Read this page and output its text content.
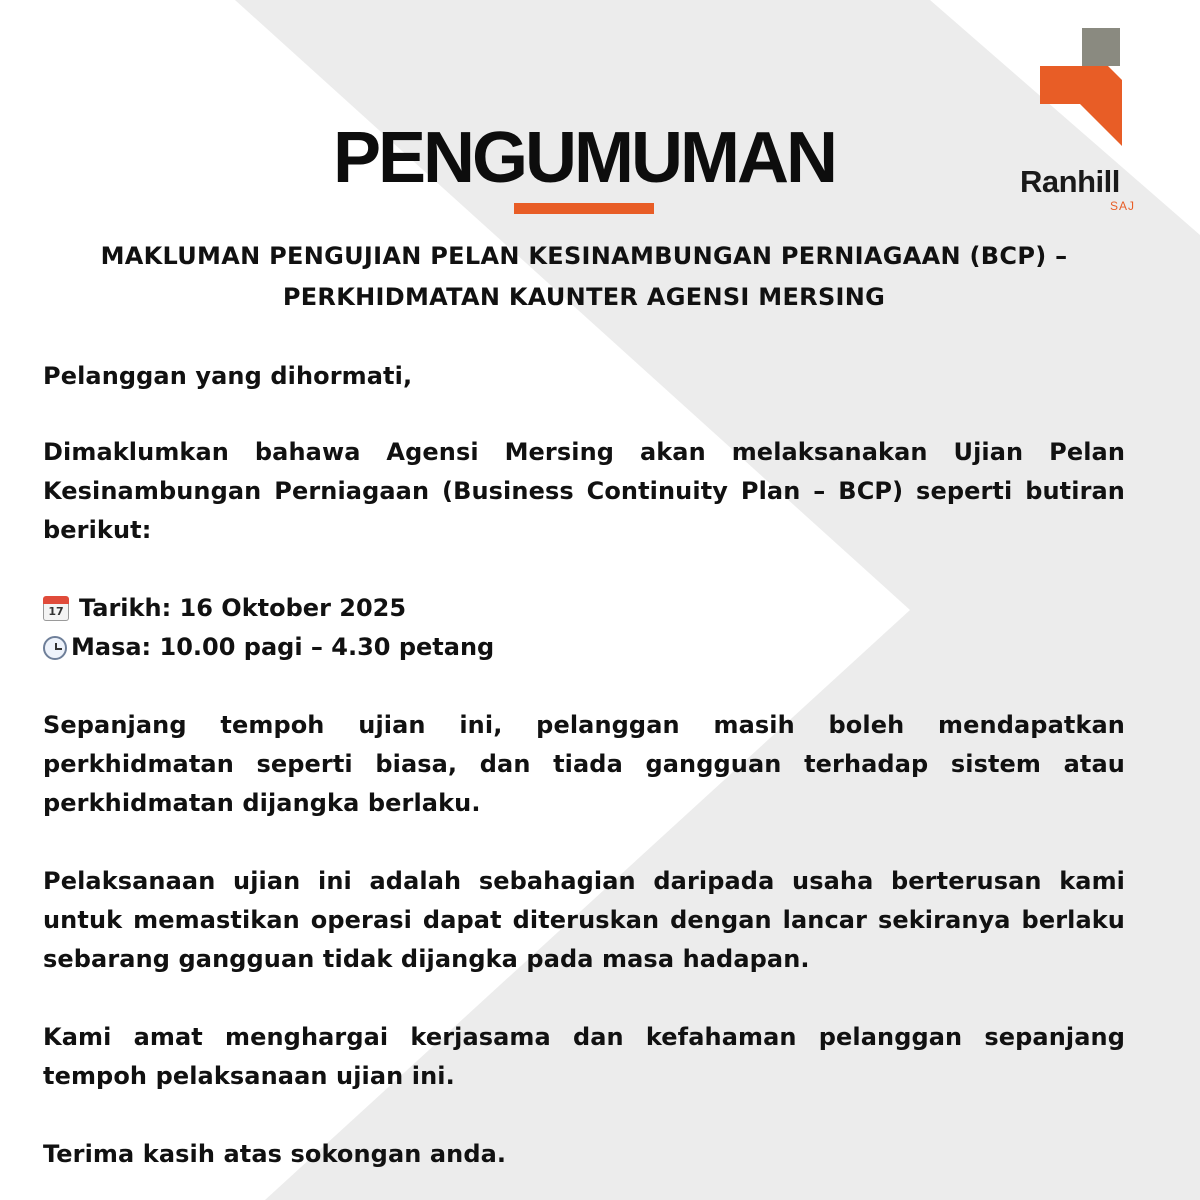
Ranhill
SAJ
PENGUMUMAN
MAKLUMAN PENGUJIAN PELAN KESINAMBUNGAN PERNIAGAAN (BCP) –
PERKHIDMATAN KAUNTER AGENSI MERSING
Pelanggan yang dihormati,
Dimaklumkan bahawa Agensi Mersing akan melaksanakan Ujian Pelan Kesinambungan Perniagaan (Business Continuity Plan – BCP) seperti butiran berikut:
17 Tarikh: 16 Oktober 2025
Masa: 10.00 pagi – 4.30 petang
Sepanjang tempoh ujian ini, pelanggan masih boleh mendapatkan perkhidmatan seperti biasa, dan tiada gangguan terhadap sistem atau perkhidmatan dijangka berlaku.
Pelaksanaan ujian ini adalah sebahagian daripada usaha berterusan kami untuk memastikan operasi dapat diteruskan dengan lancar sekiranya berlaku sebarang gangguan tidak dijangka pada masa hadapan.
Kami amat menghargai kerjasama dan kefahaman pelanggan sepanjang tempoh pelaksanaan ujian ini.
Terima kasih atas sokongan anda.
